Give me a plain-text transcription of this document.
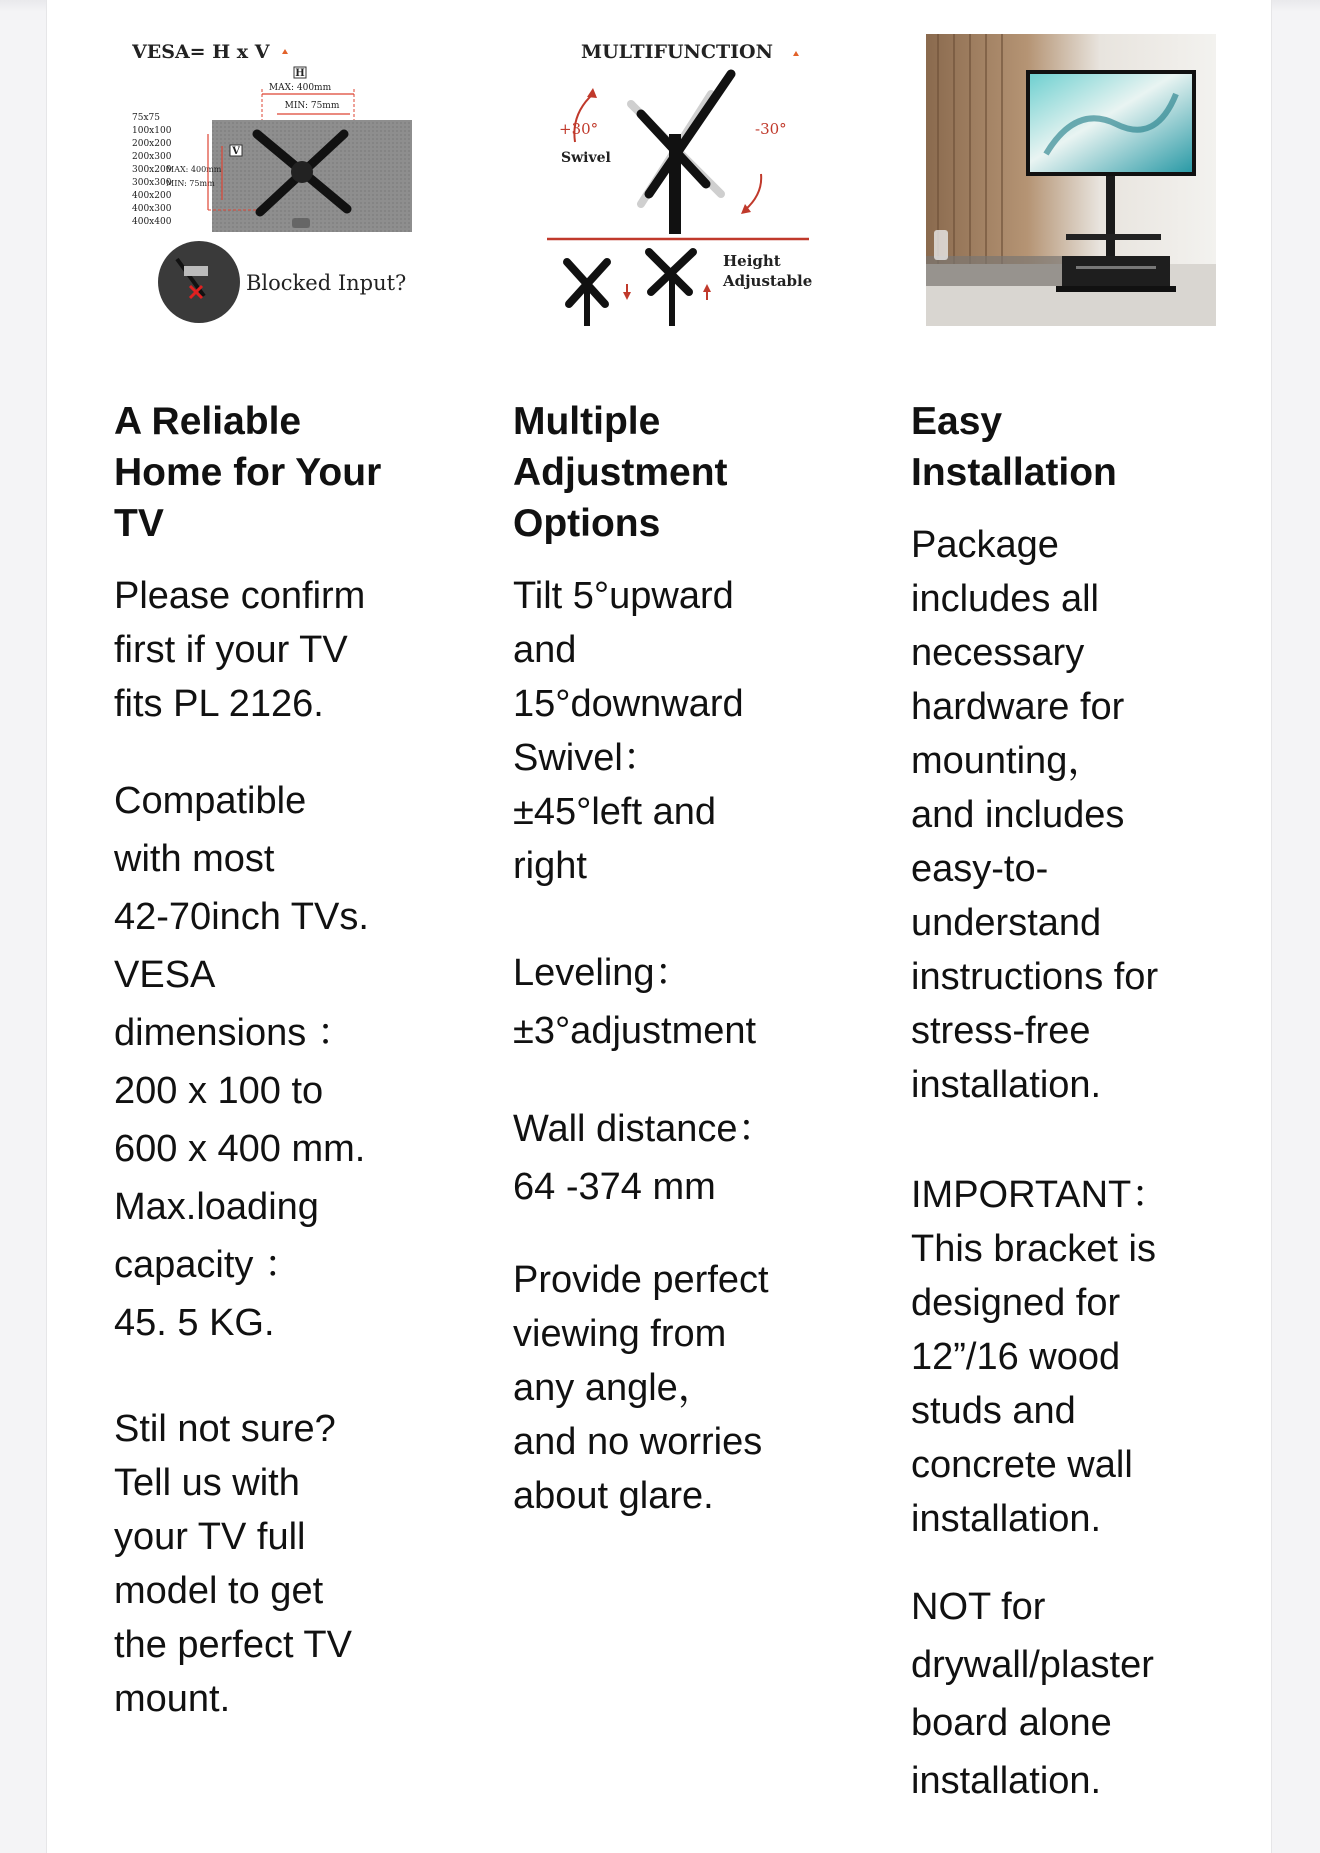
VESA= H x V
H
MAX: 400mm
MIN: 75mm
V
MAX: 400mm
MIN: 75mm
75x75
100x100
200x200
200x300
300x200
300x300
400x200
400x300
400x400
Blocked Input?
A Reliable
Home for Your
TV

Please confirm

first if your TV

fits PL 2126.

Compatible

with most

42-70inch TVs.

VESA

dimensions ：

200 x 100 to

600 x 400 mm.

Max.loading

capacity ：

45. 5 KG.

Stil not sure?

Tell us with

your TV full

model to get

the perfect TV

mount.

MULTIFUNCTION
+30°	-30°
Swivel
Height
Adjustable
Multiple
Adjustment
Options

Tilt 5°upward

and

15°downward

Swivel：

±45°left and

right

Leveling：

±3°adjustment

Wall distance：

64 -374 mm

Provide perfect

viewing from

any angle，

and no worries

about glare.

Easy
Installation

Package

includes all

necessary

hardware for

mounting，

and includes

easy-to-

understand

instructions for

stress-free

installation.

IMPORTANT：

This bracket is

designed for

12”/16 wood

studs and

concrete wall

installation.

NOT for

drywall/plaster

board alone

installation.
